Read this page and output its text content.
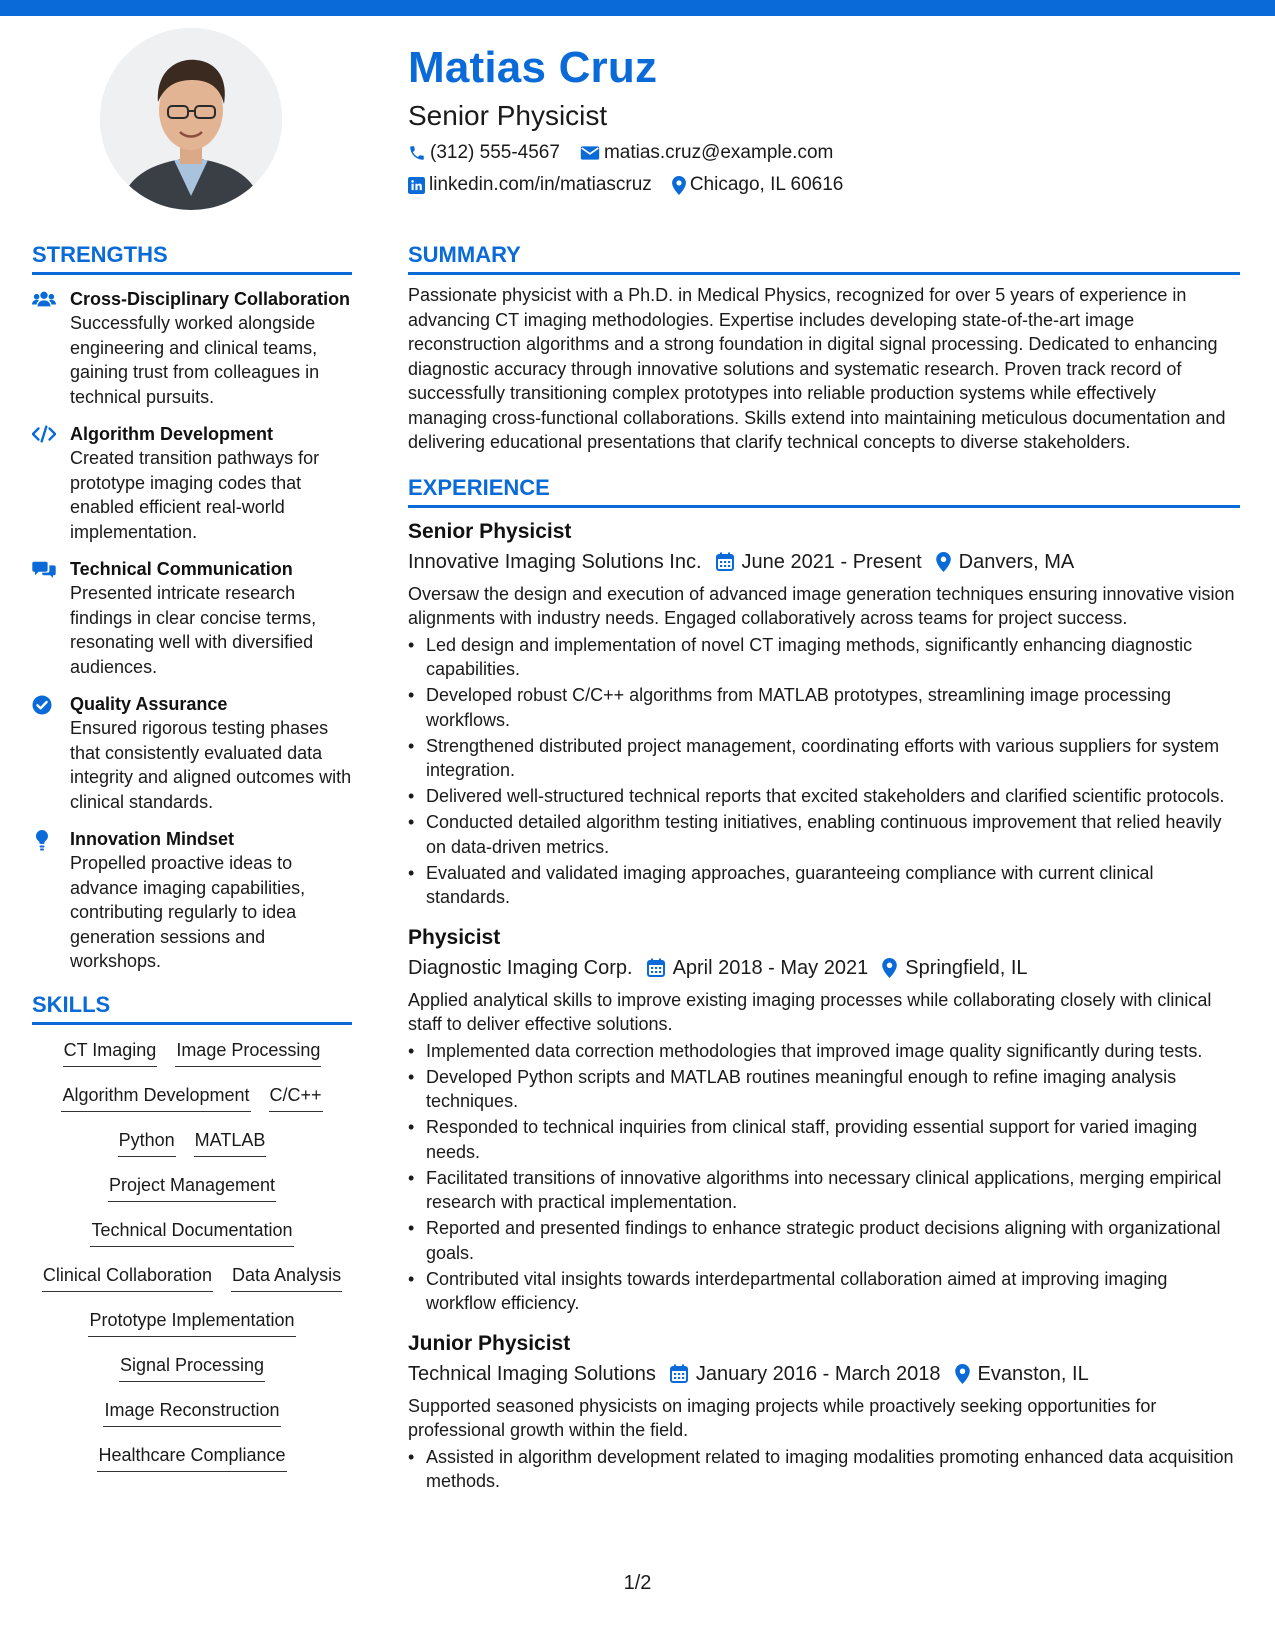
Matias Cruz
Senior Physicist
(312) 555-4567 matias.cruz@example.com
linkedin.com/in/matiascruz Chicago, IL 60616
STRENGTHS
Cross-Disciplinary Collaboration
Successfully worked alongside engineering and clinical teams, gaining trust from colleagues in technical pursuits.
Algorithm Development
Created transition pathways for prototype imaging codes that enabled efficient real-world implementation.
Technical Communication
Presented intricate research findings in clear concise terms, resonating well with diversified audiences.
Quality Assurance
Ensured rigorous testing phases that consistently evaluated data integrity and aligned outcomes with clinical standards.
Innovation Mindset
Propelled proactive ideas to advance imaging capabilities, contributing regularly to idea generation sessions and workshops.
SKILLS
CT Imaging Image Processing
Algorithm Development C/C++
Python MATLAB
Project Management
Technical Documentation
Clinical Collaboration Data Analysis
Prototype Implementation
Signal Processing
Image Reconstruction
Healthcare Compliance
SUMMARY
Passionate physicist with a Ph.D. in Medical Physics, recognized for over 5 years of experience in advancing CT imaging methodologies. Expertise includes developing state-of-the-art image reconstruction algorithms and a strong foundation in digital signal processing. Dedicated to enhancing diagnostic accuracy through innovative solutions and systematic research. Proven track record of successfully transitioning complex prototypes into reliable production systems while effectively managing cross-functional collaborations. Skills extend into maintaining meticulous documentation and delivering educational presentations that clarify technical concepts to diverse stakeholders.
EXPERIENCE
Senior Physicist
Innovative Imaging Solutions Inc. June 2021 - Present Danvers, MA
Oversaw the design and execution of advanced image generation techniques ensuring innovative vision alignments with industry needs. Engaged collaboratively across teams for project success.
• Led design and implementation of novel CT imaging methods, significantly enhancing diagnostic capabilities.
• Developed robust C/C++ algorithms from MATLAB prototypes, streamlining image processing workflows.
• Strengthened distributed project management, coordinating efforts with various suppliers for system integration.
• Delivered well-structured technical reports that excited stakeholders and clarified scientific protocols.
• Conducted detailed algorithm testing initiatives, enabling continuous improvement that relied heavily on data-driven metrics.
• Evaluated and validated imaging approaches, guaranteeing compliance with current clinical standards.
Physicist
Diagnostic Imaging Corp. April 2018 - May 2021 Springfield, IL
Applied analytical skills to improve existing imaging processes while collaborating closely with clinical staff to deliver effective solutions.
• Implemented data correction methodologies that improved image quality significantly during tests.
• Developed Python scripts and MATLAB routines meaningful enough to refine imaging analysis techniques.
• Responded to technical inquiries from clinical staff, providing essential support for varied imaging needs.
• Facilitated transitions of innovative algorithms into necessary clinical applications, merging empirical research with practical implementation.
• Reported and presented findings to enhance strategic product decisions aligning with organizational goals.
• Contributed vital insights towards interdepartmental collaboration aimed at improving imaging workflow efficiency.
Junior Physicist
Technical Imaging Solutions January 2016 - March 2018 Evanston, IL
Supported seasoned physicists on imaging projects while proactively seeking opportunities for professional growth within the field.
• Assisted in algorithm development related to imaging modalities promoting enhanced data acquisition methods.
1/2
